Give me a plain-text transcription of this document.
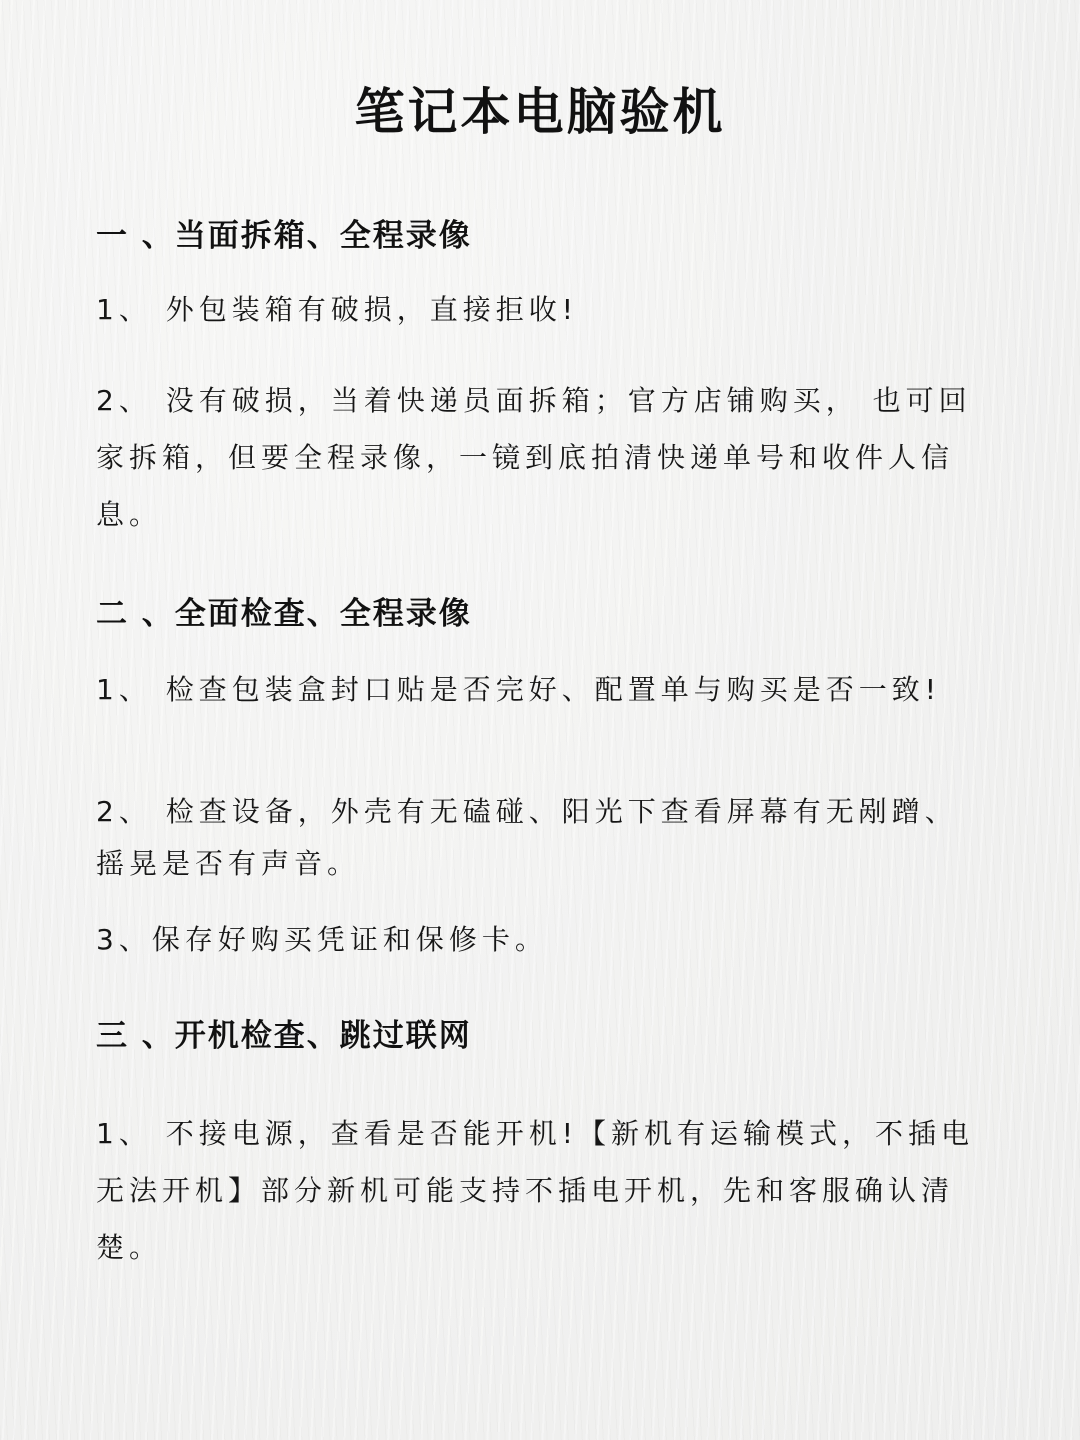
笔记本电脑验机
一 、当面拆箱、全程录像
1、 外包装箱有破损，直接拒收!
2、 没有破损，当着快递员面拆箱；官方店铺购买， 也可回家拆箱，但要全程录像，一镜到底拍清快递单号和收件人信息。
二 、全面检查、全程录像
1、 检查包装盒封口贴是否完好、配置单与购买是否一致!
2、 检查设备，外壳有无磕碰、阳光下查看屏幕有无剐蹭、摇晃是否有声音。
3、保存好购买凭证和保修卡。
三 、开机检查、跳过联网
1、 不接电源，查看是否能开机!【新机有运输模式，不插电无法开机】部分新机可能支持不插电开机，先和客服确认清楚。
